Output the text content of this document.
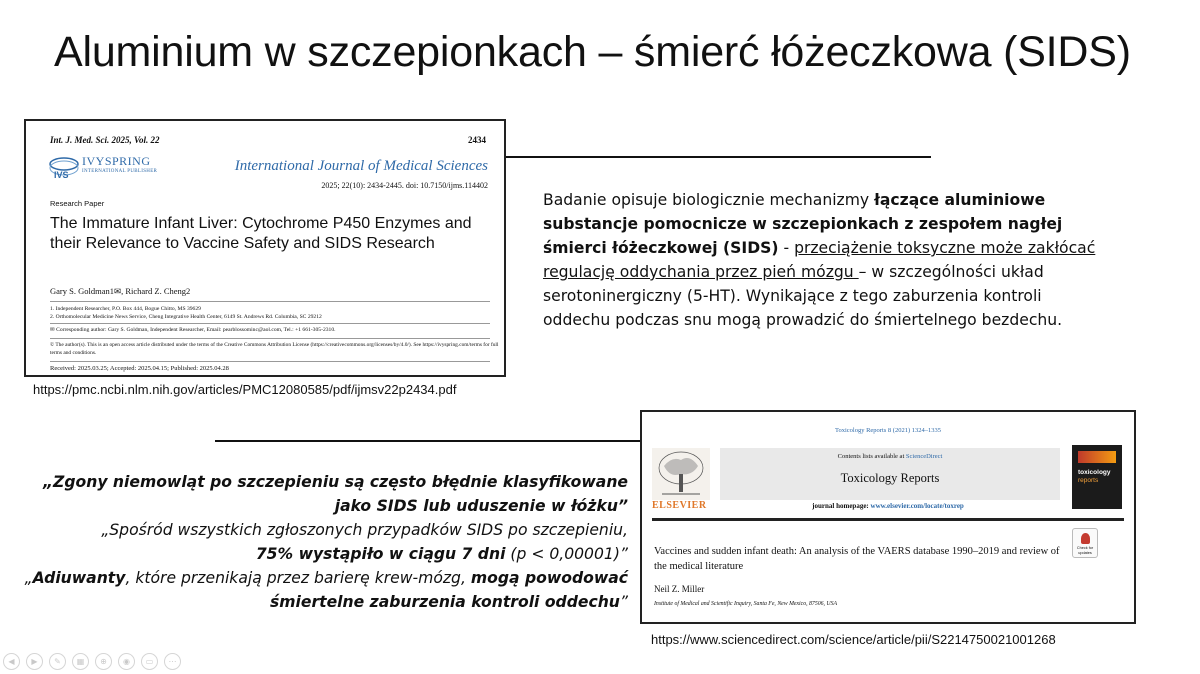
Aluminium w szczepionkach – śmierć łóżeczkowa (SIDS)
Int. J. Med. Sci. 2025, Vol. 22	2434
IVS
IVYSPRING
INTERNATIONAL PUBLISHER	International Journal of Medical Sciences
2025; 22(10): 2434-2445. doi: 10.7150/ijms.114402
Research Paper
The Immature Infant Liver: Cytochrome P450 Enzymes and their Relevance to Vaccine Safety and SIDS Research
Gary S. Goldman1✉, Richard Z. Cheng2
1. Independent Researcher, P.O. Box 444, Bogue Chitto, MS 39629
2. Orthomolecular Medicine News Service, Cheng Integrative Health Center, 6149 St. Andrews Rd. Columbia, SC 29212
✉ Corresponding author: Gary S. Goldman, Independent Researcher, Email: pearblossominc@aol.com, Tel.: +1 661-305-2310.
© The author(s). This is an open access article distributed under the terms of the Creative Commons Attribution License (https://creativecommons.org/licenses/by/4.0/). See https://ivyspring.com/terms for full terms and conditions.
Received: 2025.03.25; Accepted: 2025.04.15; Published: 2025.04.28
https://pmc.ncbi.nlm.nih.gov/articles/PMC12080585/pdf/ijmsv22p2434.pdf
Badanie opisuje biologicznie mechanizmy łączące aluminiowe substancje pomocnicze w szczepionkach z zespołem nagłej śmierci łóżeczkowej (SIDS) - przeciążenie toksyczne może zakłócać regulację oddychania przez pień mózgu – w szczególności układ serotoninergiczny (5-HT). Wynikające z tego zaburzenia kontroli oddechu podczas snu mogą prowadzić do śmiertelnego bezdechu.
Toxicology Reports 8 (2021) 1324–1335
ELSEVIER
Contents lists available at ScienceDirect
Toxicology Reports
journal homepage: www.elsevier.com/locate/toxrep
toxicology
reports
Check for updates
Vaccines and sudden infant death: An analysis of the VAERS database 1990–2019 and review of the medical literature
Neil Z. Miller
Institute of Medical and Scientific Inquiry, Santa Fe, New Mexico, 87506, USA
https://www.sciencedirect.com/science/article/pii/S2214750021001268
„Zgony niemowląt po szczepieniu są często błędnie klasyfikowane jako SIDS lub uduszenie w łóżku”
„Spośród wszystkich zgłoszonych przypadków SIDS po szczepieniu,
75% wystąpiło w ciągu 7 dni (p < 0,00001)”
„Adiuwanty, które przenikają przez barierę krew-mózg, mogą powodować śmiertelne zaburzenia kontroli oddechu”
◀	▶	✎	▦	⊕	◉	▭	⋯
